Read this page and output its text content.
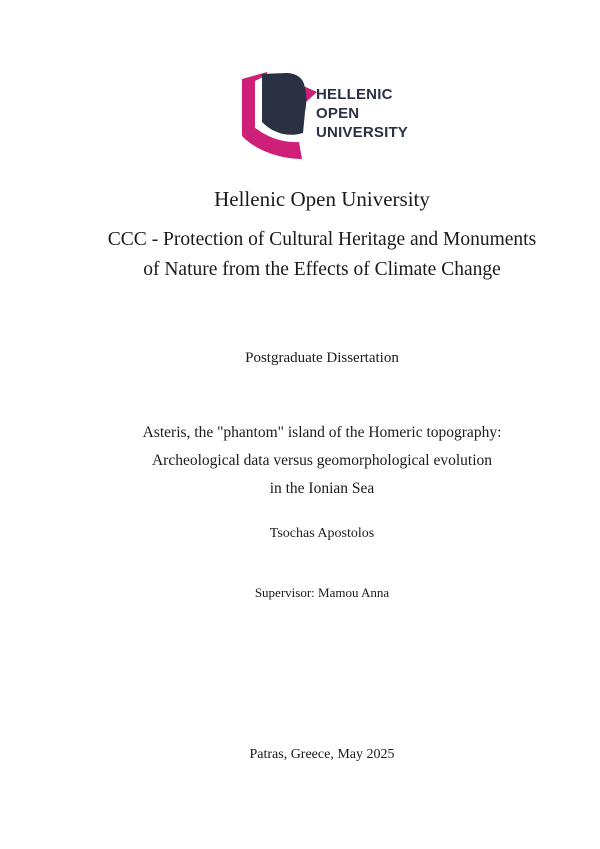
HELLENIC
OPEN
UNIVERSITY
Hellenic Open University
CCC - Protection of Cultural Heritage and Monuments
of Nature from the Effects of Climate Change
Postgraduate Dissertation
Asteris, the "phantom" island of the Homeric topography:
Archeological data versus geomorphological evolution
in the Ionian Sea
Tsochas Apostolos
Supervisor: Mamou Anna
Patras, Greece, May 2025
